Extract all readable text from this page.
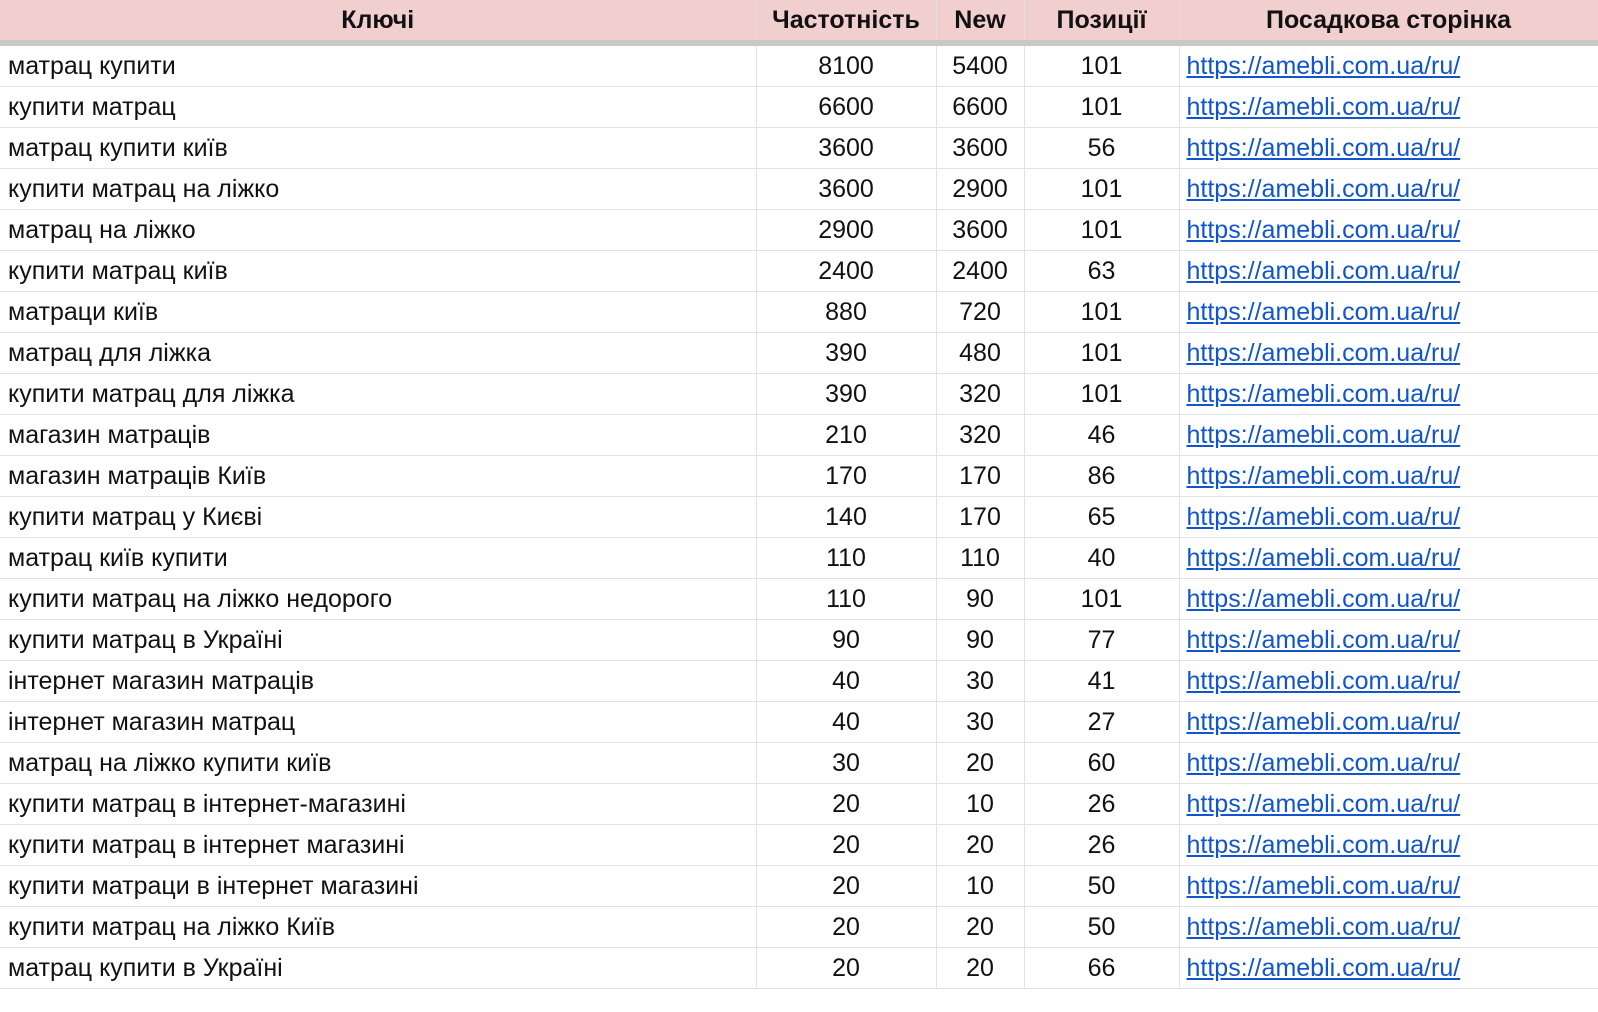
Ключі	Частотність	New	Позиції	Посадкова сторінка
матрац купити	8100	5400	101	https://amebli.com.ua/ru/
купити матрац	6600	6600	101	https://amebli.com.ua/ru/
матрац купити київ	3600	3600	56	https://amebli.com.ua/ru/
купити матрац на ліжко	3600	2900	101	https://amebli.com.ua/ru/
матрац на ліжко	2900	3600	101	https://amebli.com.ua/ru/
купити матрац київ	2400	2400	63	https://amebli.com.ua/ru/
матраци київ	880	720	101	https://amebli.com.ua/ru/
матрац для ліжка	390	480	101	https://amebli.com.ua/ru/
купити матрац для ліжка	390	320	101	https://amebli.com.ua/ru/
магазин матраців	210	320	46	https://amebli.com.ua/ru/
магазин матраців Київ	170	170	86	https://amebli.com.ua/ru/
купити матрац у Києві	140	170	65	https://amebli.com.ua/ru/
матрац київ купити	110	110	40	https://amebli.com.ua/ru/
купити матрац на ліжко недорого	110	90	101	https://amebli.com.ua/ru/
купити матрац в Україні	90	90	77	https://amebli.com.ua/ru/
інтернет магазин матраців	40	30	41	https://amebli.com.ua/ru/
інтернет магазин матрац	40	30	27	https://amebli.com.ua/ru/
матрац на ліжко купити київ	30	20	60	https://amebli.com.ua/ru/
купити матрац в інтернет-магазині	20	10	26	https://amebli.com.ua/ru/
купити матрац в інтернет магазині	20	20	26	https://amebli.com.ua/ru/
купити матраци в інтернет магазині	20	10	50	https://amebli.com.ua/ru/
купити матрац на ліжко Київ	20	20	50	https://amebli.com.ua/ru/
матрац купити в Україні	20	20	66	https://amebli.com.ua/ru/
